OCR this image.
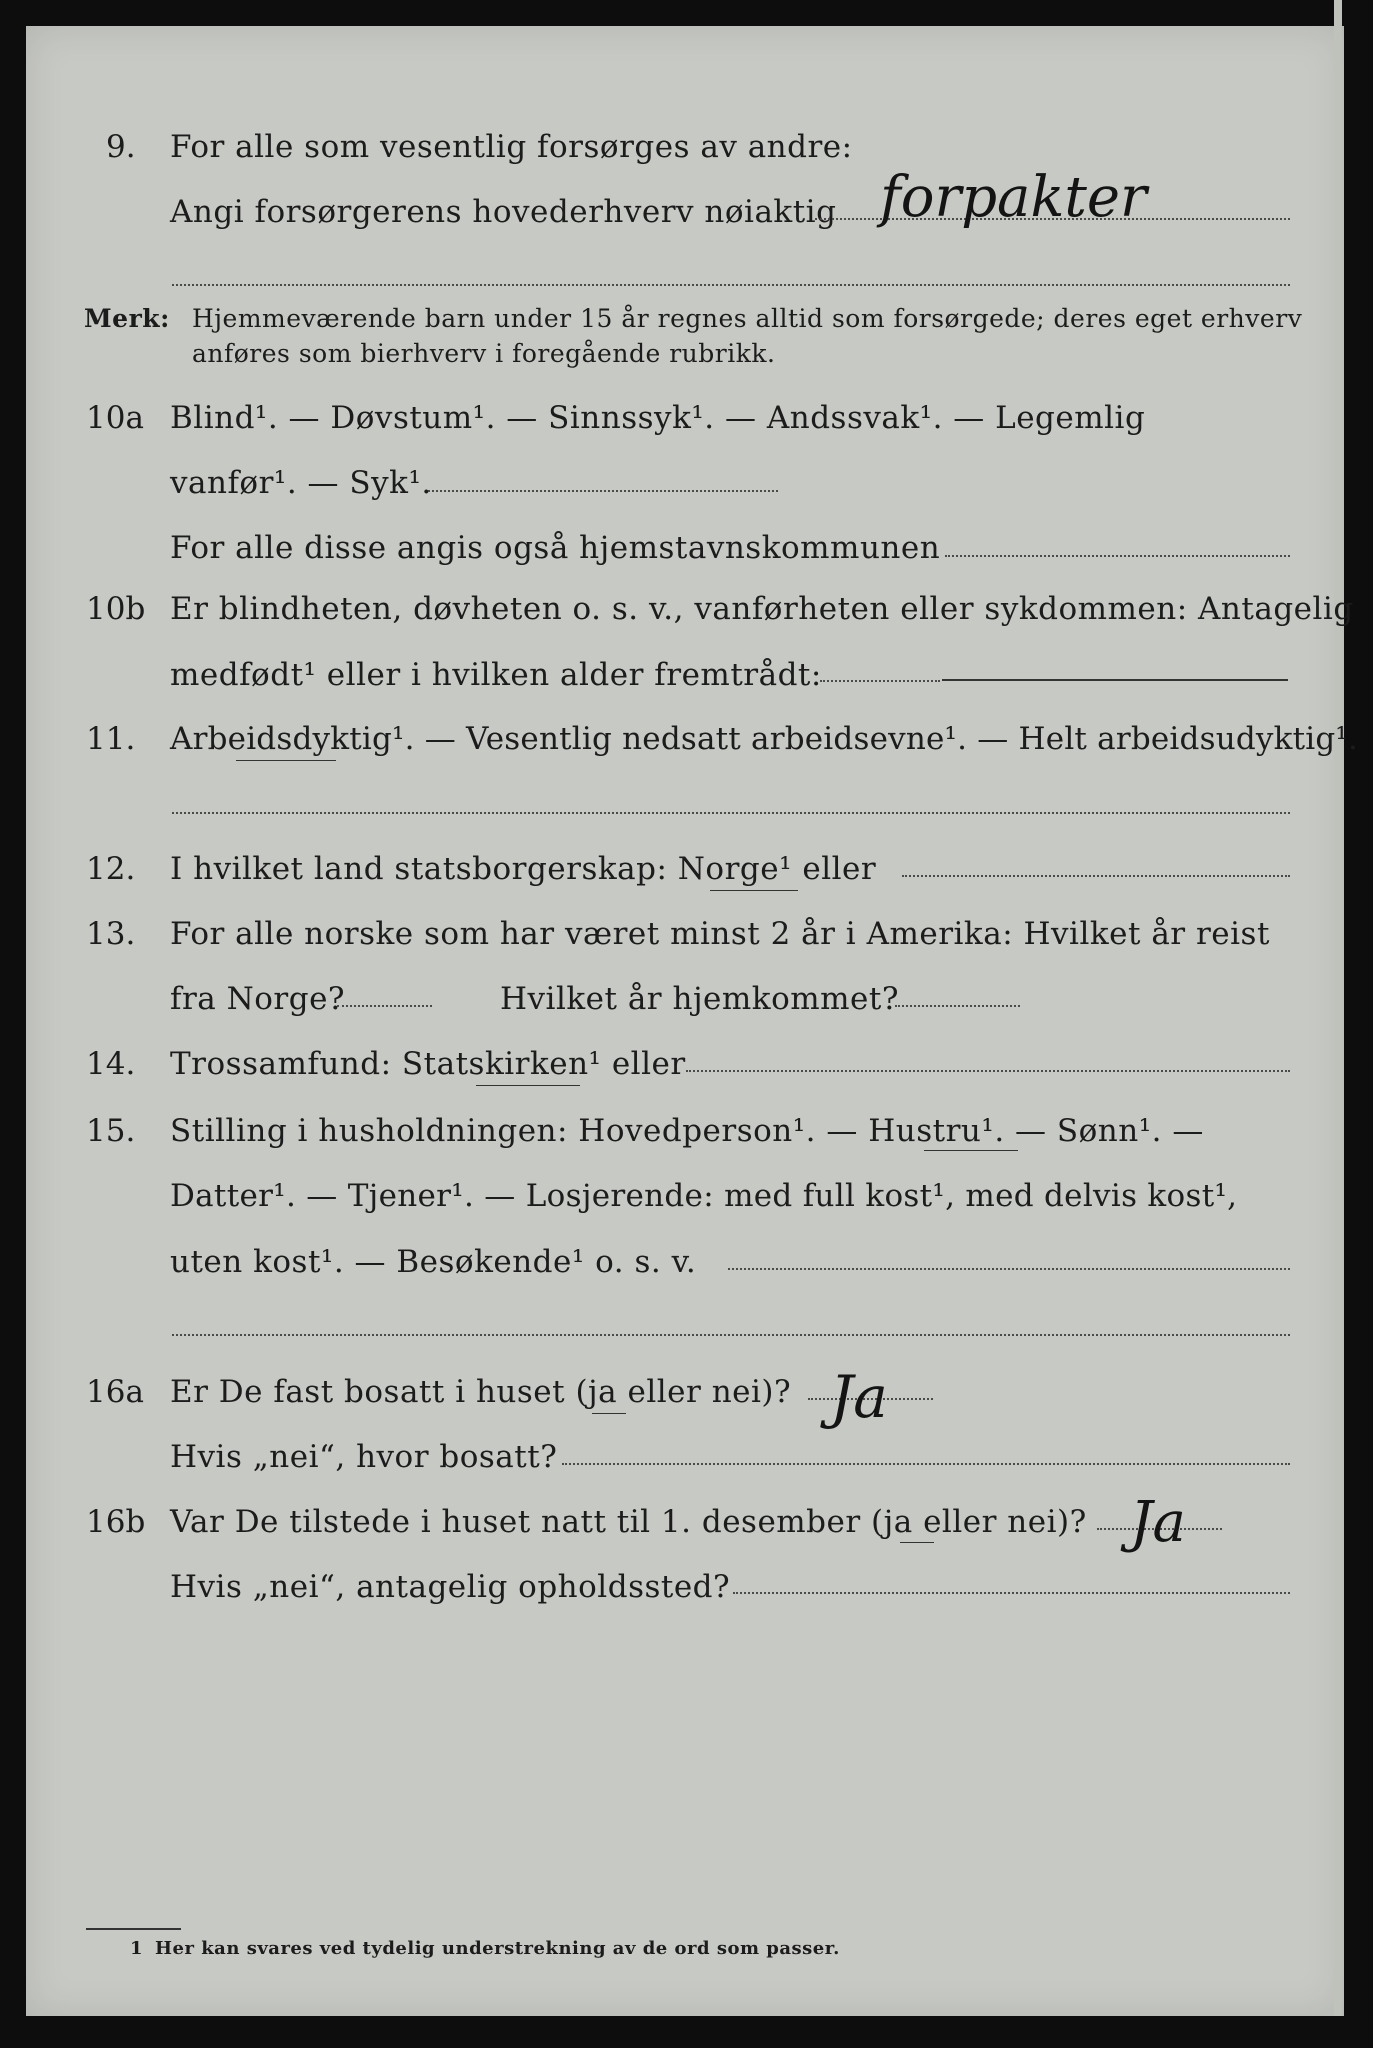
9. For alle som vesentlig forsørges av andre:
Angi forsørgerens hovederhverv nøiaktig forpakter
Merk: Hjemmeværende barn under 15 år regnes alltid som forsørgede; deres eget erhverv
anføres som bierhverv i foregående rubrikk.
10a Blind¹. — Døvstum¹. — Sinnssyk¹. — Andssvak¹. — Legemlig
vanfør¹. — Syk¹.
For alle disse angis også hjemstavnskommunen
10b Er blindheten, døvheten o. s. v., vanførheten eller sykdommen: Antagelig
medfødt¹ eller i hvilken alder fremtrådt:
11. Arbeidsdyktig¹. — Vesentlig nedsatt arbeidsevne¹. — Helt arbeidsudyktig¹.
12. I hvilket land statsborgerskap: Norge¹ eller
13. For alle norske som har været minst 2 år i Amerika: Hvilket år reist
fra Norge?	Hvilket år hjemkommet?
14. Trossamfund: Statskirken¹ eller
15. Stilling i husholdningen: Hovedperson¹. — Hustru¹. — Sønn¹. —
Datter¹. — Tjener¹. — Losjerende: med full kost¹, med delvis kost¹,
uten kost¹. — Besøkende¹ o. s. v.
16a Er De fast bosatt i huset (ja eller nei)? Ja
Hvis „nei“, hvor bosatt?
16b Var De tilstede i huset natt til 1. desember (ja eller nei)? Ja
Hvis „nei“, antagelig opholdssted?
1 Her kan svares ved tydelig understrekning av de ord som passer.
